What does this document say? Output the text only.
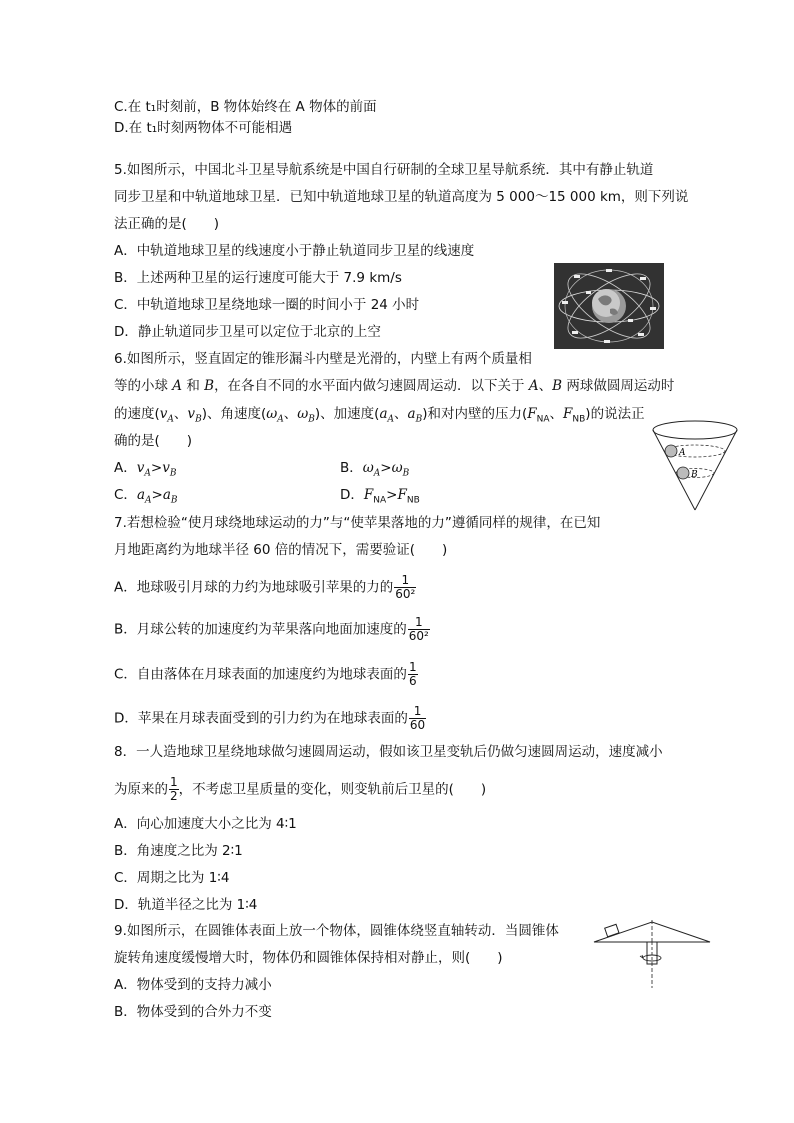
C.在 t₁时刻前，B 物体始终在 A 物体的前面
D.在 t₁时刻两物体不可能相遇
5.如图所示，中国北斗卫星导航系统是中国自行研制的全球卫星导航系统．其中有静止轨道
同步卫星和中轨道地球卫星．已知中轨道地球卫星的轨道高度为 5 000～15 000 km，则下列说
法正确的是(　　)
A．中轨道地球卫星的线速度小于静止轨道同步卫星的线速度
B．上述两种卫星的运行速度可能大于 7.9 km/s
C．中轨道地球卫星绕地球一圈的时间小于 24 小时
D．静止轨道同步卫星可以定位于北京的上空
6.如图所示，竖直固定的锥形漏斗内壁是光滑的，内壁上有两个质量相
等的小球 A 和 B，在各自不同的水平面内做匀速圆周运动．以下关于 A、B 两球做圆周运动时
的速度($v_A$、$v_B$)、角速度($\omega_A$、$\omega_B$)、加速度($a_A$、$a_B$)和对内壁的压力($F_{NA}$、$F_{NB}$)的说法正
确的是(　　)
A．$v_A>v_B$	B．$\omega_A>\omega_B$
C．$a_A>a_B$	D．$F_{NA}>F_{NB}$
A
B
7.若想检验“使月球绕地球运动的力”与“使苹果落地的力”遵循同样的规律，在已知
月地距离约为地球半径 60 倍的情况下，需要验证(　　)
A．地球吸引月球的力约为地球吸引苹果的力的 $\frac{1}{\text{60²}}$
B．月球公转的加速度约为苹果落向地面加速度的 $\frac{1}{\text{60²}}$
C．自由落体在月球表面的加速度约为地球表面的 $\frac{1}{6}$
D．苹果在月球表面受到的引力约为在地球表面的 $\frac{1}{60}$
8．一人造地球卫星绕地球做匀速圆周运动，假如该卫星变轨后仍做匀速圆周运动，速度减小
为原来的 $\frac{1}{2}$ ，不考虑卫星质量的变化，则变轨前后卫星的(　　)
A．向心加速度大小之比为 4∶1
B．角速度之比为 2∶1
C．周期之比为 1∶4
D．轨道半径之比为 1∶4
9.如图所示，在圆锥体表面上放一个物体，圆锥体绕竖直轴转动．当圆锥体
旋转角速度缓慢增大时，物体仍和圆锥体保持相对静止，则(　　)
A．物体受到的支持力减小
B．物体受到的合外力不变
